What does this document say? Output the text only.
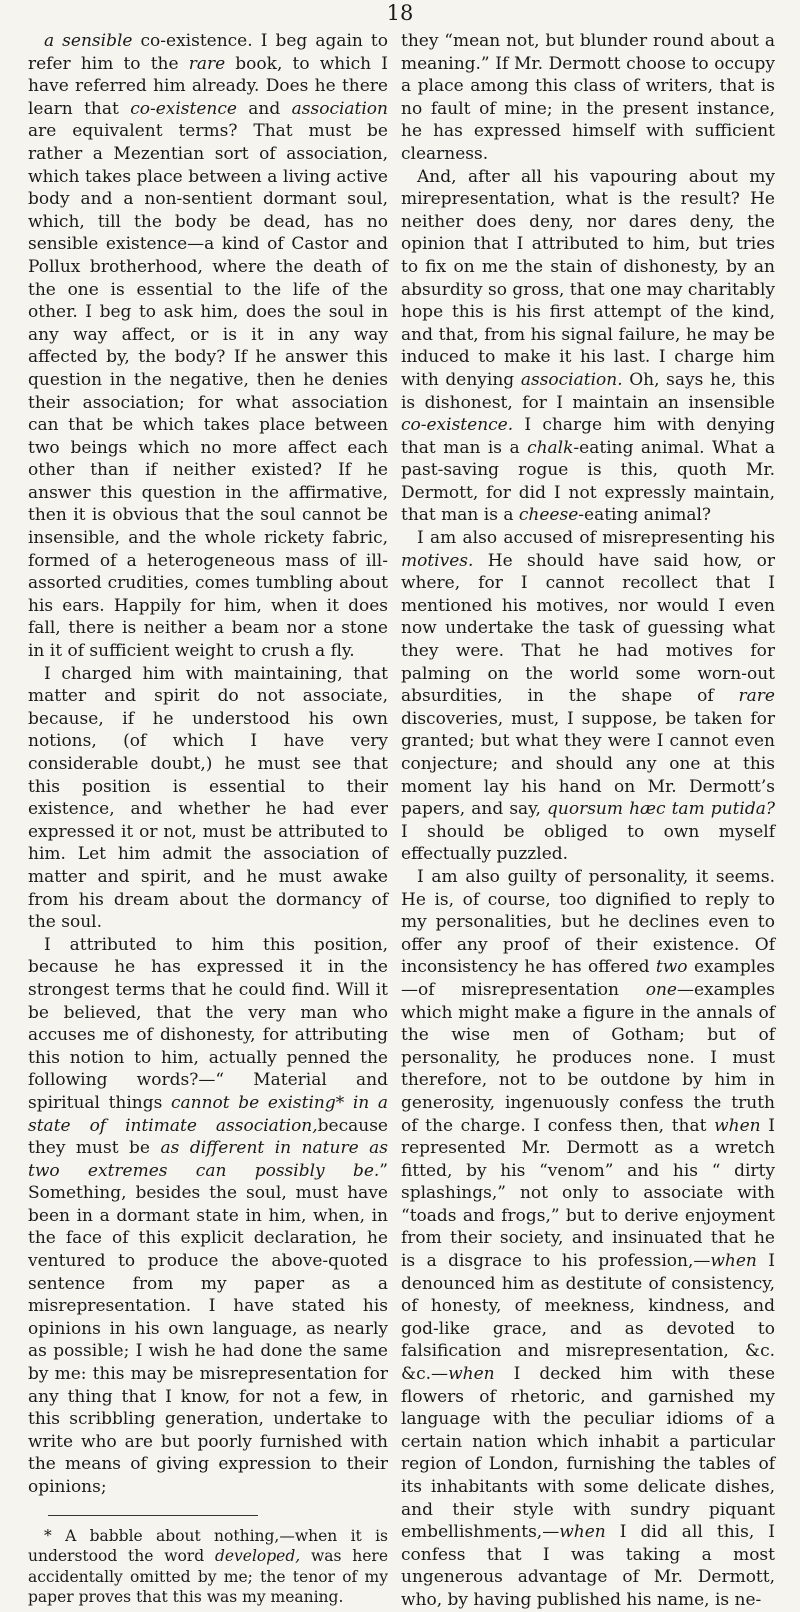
18

a sensible co-existence. I beg again to refer him to the rare book, to which I have referred him already. Does he there learn that co-existence and association are equivalent terms? That must be rather a Mezentian sort of association, which takes place between a living active body and a non-sentient dormant soul, which, till the body be dead, has no sensible existence—a kind of Castor and Pollux brotherhood, where the death of the one is essential to the life of the other. I beg to ask him, does the soul in any way affect, or is it in any way affected by, the body? If he answer this question in the negative, then he denies their association; for what association can that be which takes place between two beings which no more affect each other than if neither existed? If he answer this question in the affirmative, then it is obvious that the soul cannot be insensible, and the whole rickety fabric, formed of a heterogeneous mass of ill-assorted crudities, comes tumbling about his ears. Happily for him, when it does fall, there is neither a beam nor a stone in it of sufficient weight to crush a fly.

I charged him with maintaining, that matter and spirit do not associate, because, if he understood his own notions, (of which I have very considerable doubt,) he must see that this position is essential to their existence, and whether he had ever expressed it or not, must be attributed to him. Let him admit the association of matter and spirit, and he must awake from his dream about the dormancy of the soul.

I attributed to him this position, because he has expressed it in the strongest terms that he could find. Will it be believed, that the very man who accuses me of dishonesty, for attributing this notion to him, actually penned the following words?—“ Material and spiritual things cannot be existing* in a state of intimate association,because they must be as different in nature as two extremes can possibly be.” Something, besides the soul, must have been in a dormant state in him, when, in the face of this explicit declaration, he ventured to produce the above-quoted sentence from my paper as a misrepresentation. I have stated his opinions in his own language, as nearly as possible; I wish he had done the same by me: this may be misrepresentation for any thing that I know, for not a few, in this scribbling generation, undertake to write who are but poorly furnished with the means of giving expression to their opinions;

* A babble about nothing,—when it is understood the word developed, was here accidentally omitted by me; the tenor of my paper proves that this was my meaning.

they “mean not, but blunder round about a meaning.” If Mr. Dermott choose to occupy a place among this class of writers, that is no fault of mine; in the present instance, he has expressed himself with sufficient clearness.

And, after all his vapouring about my mirepresentation, what is the result? He neither does deny, nor dares deny, the opinion that I attributed to him, but tries to fix on me the stain of dishonesty, by an absurdity so gross, that one may charitably hope this is his first attempt of the kind, and that, from his signal failure, he may be induced to make it his last. I charge him with denying association. Oh, says he, this is dishonest, for I maintain an insensible co-existence. I charge him with denying that man is a chalk-eating animal. What a past-saving rogue is this, quoth Mr. Dermott, for did I not expressly maintain, that man is a cheese-eating animal?

I am also accused of misrepresenting his motives. He should have said how, or where, for I cannot recollect that I mentioned his motives, nor would I even now undertake the task of guessing what they were. That he had motives for palming on the world some worn-out absurdities, in the shape of rare discoveries, must, I suppose, be taken for granted; but what they were I cannot even conjecture; and should any one at this moment lay his hand on Mr. Dermott’s papers, and say, quorsum hæc tam putida? I should be obliged to own myself effectually puzzled.

I am also guilty of personality, it seems. He is, of course, too dignified to reply to my personalities, but he declines even to offer any proof of their existence. Of inconsistency he has offered two examples—of misrepresentation one—examples which might make a figure in the annals of the wise men of Gotham; but of personality, he produces none. I must therefore, not to be outdone by him in generosity, ingenuously confess the truth of the charge. I confess then, that when I represented Mr. Dermott as a wretch fitted, by his “venom” and his “ dirty splashings,” not only to associate with “toads and frogs,” but to derive enjoyment from their society, and insinuated that he is a disgrace to his profession,—when I denounced him as destitute of consistency, of honesty, of meekness, kindness, and god-like grace, and as devoted to falsification and misrepresentation, &c. &c.—when I decked him with these flowers of rhetoric, and garnished my language with the peculiar idioms of a certain nation which inhabit a particular region of London, furnishing the tables of its inhabitants with some delicate dishes, and their style with sundry piquant embellishments,—when I did all this, I confess that I was taking a most ungenerous advantage of Mr. Dermott, who, by having published his name, is ne-
